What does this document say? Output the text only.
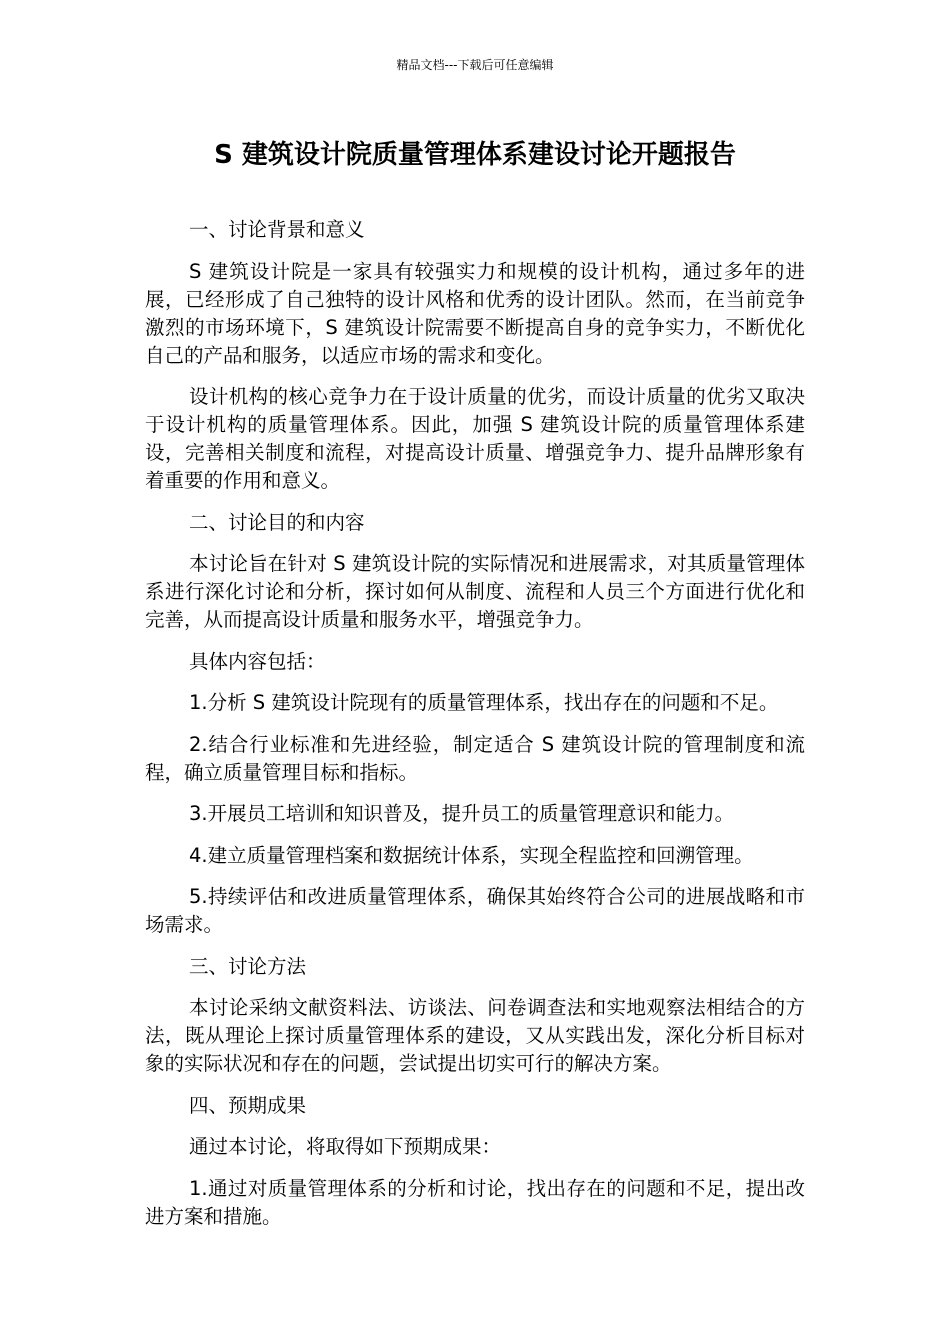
精品文档---下载后可任意编辑
S 建筑设计院质量管理体系建设讨论开题报告

一、讨论背景和意义

S 建筑设计院是一家具有较强实力和规模的设计机构，通过多年的进展，已经形成了自己独特的设计风格和优秀的设计团队。然而，在当前竞争激烈的市场环境下，S 建筑设计院需要不断提高自身的竞争实力，不断优化自己的产品和服务，以适应市场的需求和变化。

设计机构的核心竞争力在于设计质量的优劣，而设计质量的优劣又取决于设计机构的质量管理体系。因此，加强 S 建筑设计院的质量管理体系建设，完善相关制度和流程，对提高设计质量、增强竞争力、提升品牌形象有着重要的作用和意义。

二、讨论目的和内容

本讨论旨在针对 S 建筑设计院的实际情况和进展需求，对其质量管理体系进行深化讨论和分析，探讨如何从制度、流程和人员三个方面进行优化和完善，从而提高设计质量和服务水平，增强竞争力。

具体内容包括：

1.分析 S 建筑设计院现有的质量管理体系，找出存在的问题和不足。

2.结合行业标准和先进经验，制定适合 S 建筑设计院的管理制度和流程，确立质量管理目标和指标。

3.开展员工培训和知识普及，提升员工的质量管理意识和能力。

4.建立质量管理档案和数据统计体系，实现全程监控和回溯管理。

5.持续评估和改进质量管理体系，确保其始终符合公司的进展战略和市场需求。

三、讨论方法

本讨论采纳文献资料法、访谈法、问卷调查法和实地观察法相结合的方法，既从理论上探讨质量管理体系的建设，又从实践出发，深化分析目标对象的实际状况和存在的问题，尝试提出切实可行的解决方案。

四、预期成果

通过本讨论，将取得如下预期成果：

1.通过对质量管理体系的分析和讨论，找出存在的问题和不足，提出改进方案和措施。
